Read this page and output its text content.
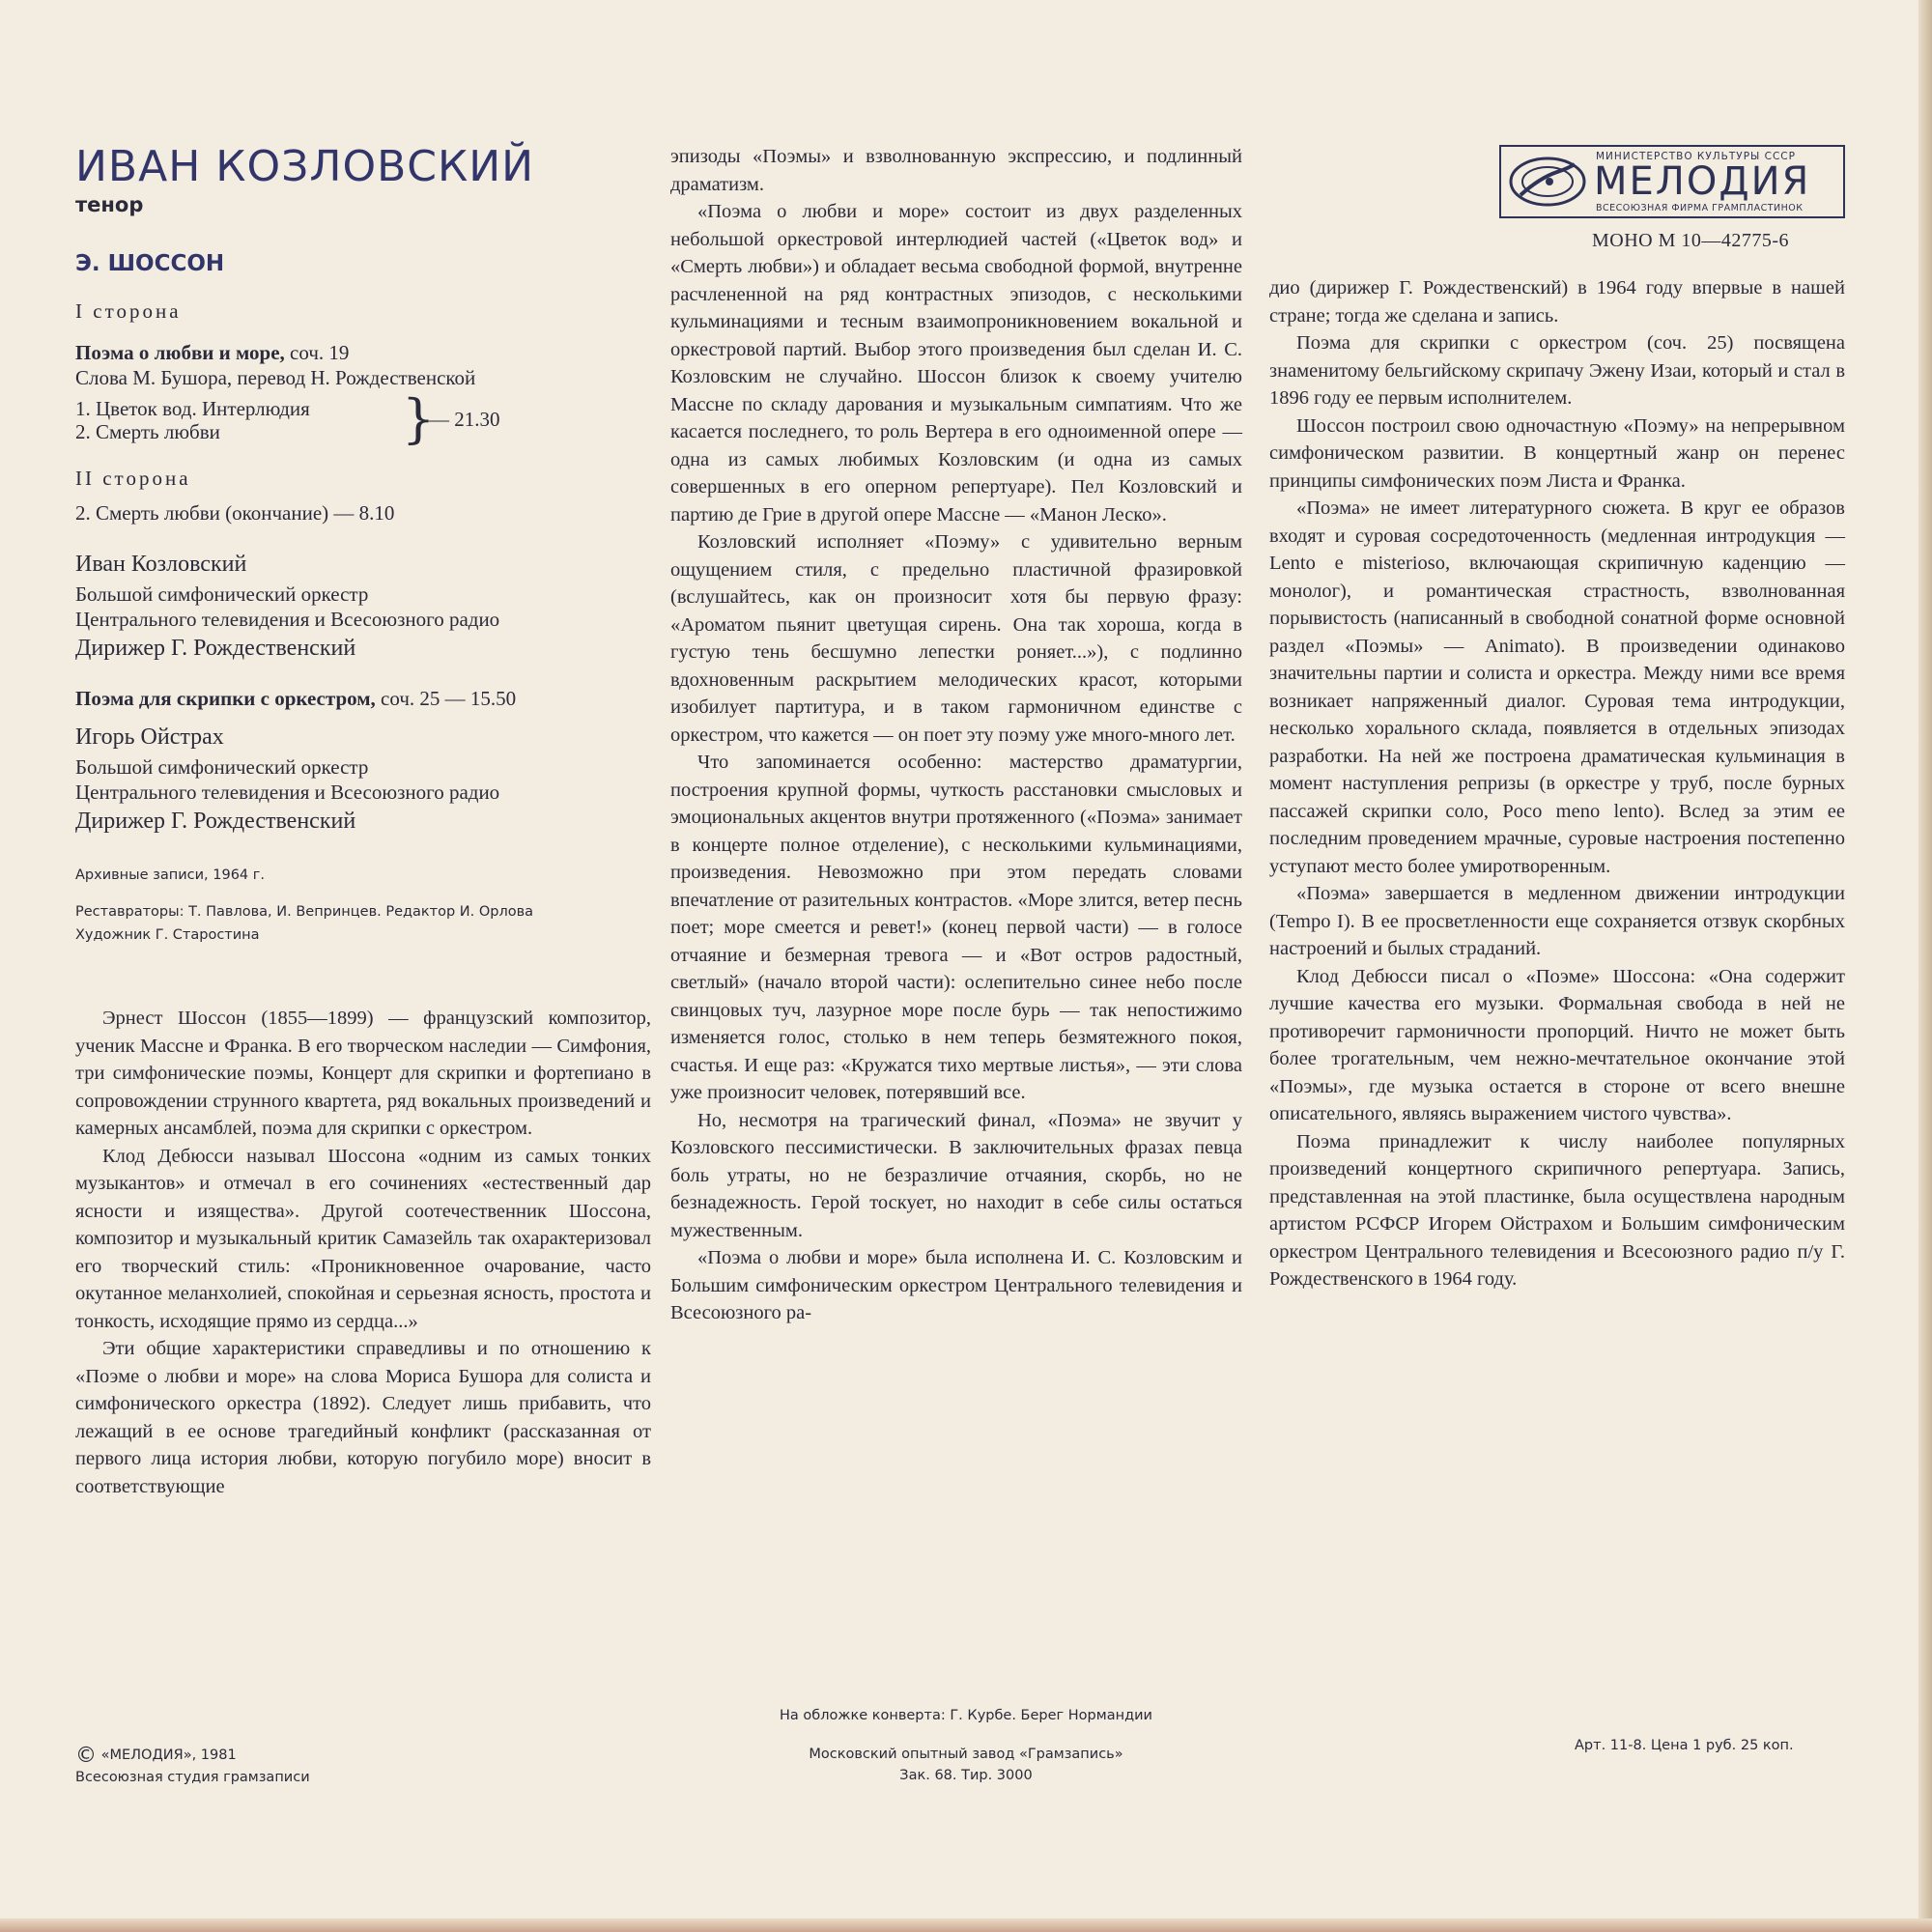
ИВАН КОЗЛОВСКИЙ
тенор
Э. ШОССОН
I сторона
Поэма о любви и море, соч. 19
Слова М. Бушора, перевод Н. Рождественской
1. Цветок вод. Интерлюдия
2. Смерть любви	}
— 21.30
II сторона
2. Смерть любви (окончание) — 8.10
Иван Козловский
Большой симфонический оркестр
Центрального телевидения и Всесоюзного радио
Дирижер Г. Рождественский
Поэма для скрипки с оркестром, соч. 25 — 15.50
Игорь Ойстрах
Большой симфонический оркестр
Центрального телевидения и Всесоюзного радио
Дирижер Г. Рождественский
Архивные записи, 1964 г.
Реставраторы: Т. Павлова, И. Вепринцев. Редактор И. Орлова
Художник Г. Старостина

Эрнест Шоссон (1855—1899) — французский композитор, ученик Массне и Франка. В его творческом наследии — Симфония, три симфонические поэмы, Концерт для скрипки и фортепиано в сопровождении струнного квартета, ряд вокальных произведений и камерных ансамблей, поэма для скрипки с оркестром.

Клод Дебюсси называл Шоссона «одним из самых тонких музыкантов» и отмечал в его сочинениях «естественный дар ясности и изящества». Другой соотечественник Шоссона, композитор и музыкальный критик Самазейль так охарактеризовал его творческий стиль: «Проникновенное очарование, часто окутанное меланхолией, спокойная и серьезная ясность, простота и тонкость, исходящие прямо из сердца...»

Эти общие характеристики справедливы и по отношению к «Поэме о любви и море» на слова Мориса Бушора для солиста и симфонического оркестра (1892). Следует лишь прибавить, что лежащий в ее основе трагедийный конфликт (рассказанная от первого лица история любви, которую погубило море) вносит в соответствующие

эпизоды «Поэмы» и взволнованную экспрессию, и подлинный драматизм.

«Поэма о любви и море» состоит из двух разделенных небольшой оркестровой интерлюдией частей («Цветок вод» и «Смерть любви») и обладает весьма свободной формой, внутренне расчлененной на ряд контрастных эпизодов, с несколькими кульминациями и тесным взаимопроникновением вокальной и оркестровой партий. Выбор этого произведения был сделан И. С. Козловским не случайно. Шоссон близок к своему учителю Массне по складу дарования и музыкальным симпатиям. Что же касается последнего, то роль Вертера в его одноименной опере — одна из самых любимых Козловским (и одна из самых совершенных в его оперном репертуаре). Пел Козловский и партию де Грие в другой опере Массне — «Манон Леско».

Козловский исполняет «Поэму» с удивительно верным ощущением стиля, с предельно пластичной фразировкой (вслушайтесь, как он произносит хотя бы первую фразу: «Ароматом пьянит цветущая сирень. Она так хороша, когда в густую тень бесшумно лепестки роняет...»), с подлинно вдохновенным раскрытием мелодических красот, которыми изобилует партитура, и в таком гармоничном единстве с оркестром, что кажется — он поет эту поэму уже много-много лет.

Что запоминается особенно: мастерство драматургии, построения крупной формы, чуткость расстановки смысловых и эмоциональных акцентов внутри протяженного («Поэма» занимает в концерте полное отделение), с несколькими кульминациями, произведения. Невозможно при этом передать словами впечатление от разительных контрастов. «Море злится, ветер песнь поет; море смеется и ревет!» (конец первой части) — в голосе отчаяние и безмерная тревога — и «Вот остров радостный, светлый» (начало второй части): ослепительно синее небо после свинцовых туч, лазурное море после бурь — так непостижимо изменяется голос, столько в нем теперь безмятежного покоя, счастья. И еще раз: «Кружатся тихо мертвые листья», — эти слова уже произносит человек, потерявший все.

Но, несмотря на трагический финал, «Поэма» не звучит у Козловского пессимистически. В заключительных фразах певца боль утраты, но не безразличие отчаяния, скорбь, но не безнадежность. Герой тоскует, но находит в себе силы остаться мужественным.

«Поэма о любви и море» была исполнена И. С. Козловским и Большим симфоническим оркестром Центрального телевидения и Всесоюзного ра-

МИНИСТЕРСТВО КУЛЬТУРЫ СССР
МЕЛОДИЯ
ВСЕСОЮЗНАЯ ФИРМА ГРАМПЛАСТИНОК
МОНО М 10—42775-6

дио (дирижер Г. Рождественский) в 1964 году впервые в нашей стране; тогда же сделана и запись.

Поэма для скрипки с оркестром (соч. 25) посвящена знаменитому бельгийскому скрипачу Эжену Изаи, который и стал в 1896 году ее первым исполнителем.

Шоссон построил свою одночастную «Поэму» на непрерывном симфоническом развитии. В концертный жанр он перенес принципы симфонических поэм Листа и Франка.

«Поэма» не имеет литературного сюжета. В круг ее образов входят и суровая сосредоточенность (медленная интродукция — Lento e misterioso, включающая скрипичную каденцию — монолог), и романтическая страстность, взволнованная порывистость (написанный в свободной сонатной форме основной раздел «Поэмы» — Animato). В произведении одинаково значительны партии и солиста и оркестра. Между ними все время возникает напряженный диалог. Суровая тема интродукции, несколько хорального склада, появляется в отдельных эпизодах разработки. На ней же построена драматическая кульминация в момент наступления репризы (в оркестре у труб, после бурных пассажей скрипки соло, Poco meno lento). Вслед за этим ее последним проведением мрачные, суровые настроения постепенно уступают место более умиротворенным.

«Поэма» завершается в медленном движении интродукции (Tempo I). В ее просветленности еще сохраняется отзвук скорбных настроений и былых страданий.

Клод Дебюсси писал о «Поэме» Шоссона: «Она содержит лучшие качества его музыки. Формальная свобода в ней не противоречит гармоничности пропорций. Ничто не может быть более трогательным, чем нежно-мечтательное окончание этой «Поэмы», где музыка остается в стороне от всего внешне описательного, являясь выражением чистого чувства».

Поэма принадлежит к числу наиболее популярных произведений концертного скрипичного репертуара. Запись, представленная на этой пластинке, была осуществлена народным артистом РСФСР Игорем Ойстрахом и Большим симфоническим оркестром Центрального телевидения и Всесоюзного радио п/у Г. Рождественского в 1964 году.

На обложке конверта: Г. Курбе. Берег Нормандии
© «МЕЛОДИЯ», 1981
Всесоюзная студия грамзаписи
Московский опытный завод «Грамзапись»
Зак. 68. Тир. 3000
Арт. 11-8. Цена 1 руб. 25 коп.
